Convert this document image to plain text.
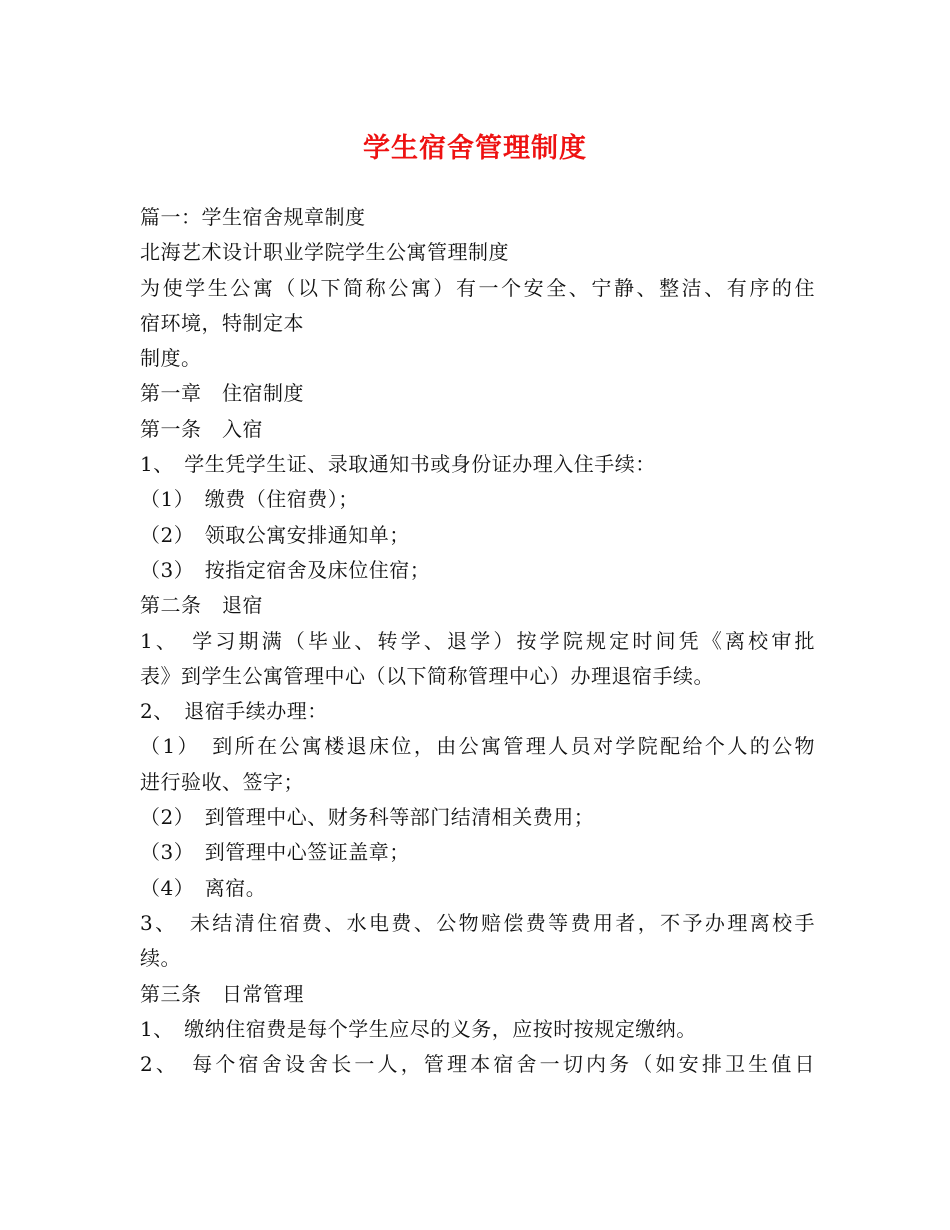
学生宿舍管理制度
篇一：学生宿舍规章制度
北海艺术设计职业学院学生公寓管理制度
为使学生公寓（以下简称公寓）有一个安全、宁静、整洁、有序的住
宿环境，特制定本
制度。
第一章　住宿制度
第一条　入宿
1、　学生凭学生证、录取通知书或身份证办理入住手续：
（1）　缴费（住宿费）；
（2）　领取公寓安排通知单；
（3）　按指定宿舍及床位住宿；
第二条　退宿
1、　学习期满（毕业、转学、退学）按学院规定时间凭《离校审批
表》到学生公寓管理中心（以下简称管理中心）办理退宿手续。
2、　退宿手续办理：
（1）　到所在公寓楼退床位，由公寓管理人员对学院配给个人的公物
进行验收、签字；
（2）　到管理中心、财务科等部门结清相关费用；
（3）　到管理中心签证盖章；
（4）　离宿。
3、　未结清住宿费、水电费、公物赔偿费等费用者，不予办理离校手
续。
第三条　日常管理
1、　缴纳住宿费是每个学生应尽的义务，应按时按规定缴纳。
2、　每个宿舍设舍长一人，管理本宿舍一切内务（如安排卫生值日
